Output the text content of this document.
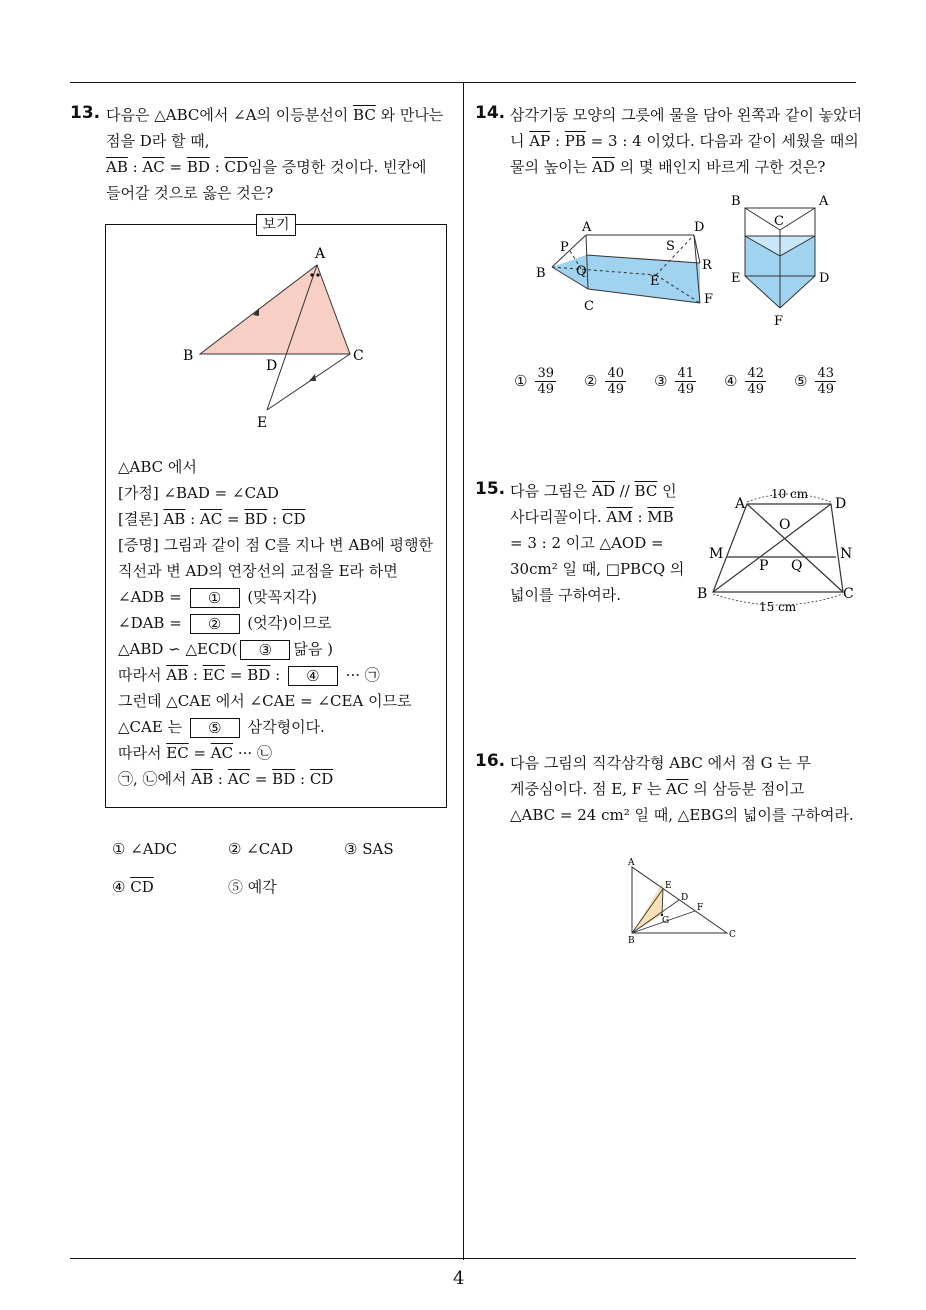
4
13. 다음은 △ABC에서 ∠A의 이등분선이 $\overline{BC}$ 와 만나는
점을 D라 할 때,
$\overline{AB}$ : $\overline{AC} = \overline{BD}$ : $\overline{CD}$임을 증명한 것이다. 빈칸에
들어갈 것으로 옳은 것은?
보기
A
B	C
D
E
△ABC 에서
[가정] ∠BAD = ∠CAD
[결론] $\overline{AB}$ : $\overline{AC} = \overline{BD}$ : $\overline{CD}$
[증명] 그림과 같이 점 C를 지나 변 AB에 평행한
직선과 변 AD의 연장선의 교점을 E라 하면
∠ADB = ① (맞꼭지각)
∠DAB = ② (엇각)이므로
△ABD ∽ △ECD( ③ 닮음 )
따라서 $\overline{AB}$ : $\overline{EC} = \overline{BD}$ : ④ ··· ㉠
그런데 △CAE 에서 ∠CAE = ∠CEA 이므로
△CAE 는 ⑤ 삼각형이다.
따라서 $\overline{EC} = \overline{AC}$ ··· ㉡
㉠, ㉡에서 $\overline{AB}$ : $\overline{AC} = \overline{BD}$ : $\overline{CD}$
① ∠ADC	② ∠CAD	③ SAS
④ $\overline{CD}$	⑤ 예각
14. 삼각기둥 모양의 그릇에 물을 담아 왼쪽과 같이 놓았더
니 $\overline{AP}$ : $\overline{PB} = 3$ : 4 이었다. 다음과 같이 세웠을 때의
물의 높이는 $\overline{AD}$ 의 몇 배인지 바르게 구한 것은?
A	D
P	S
B Q
E
R
C	F
B	A
C
E	D
F
① $\frac{39}{49}$ ② $\frac{40}{49}$ ③ $\frac{41}{49}$ ④ $\frac{42}{49}$ ⑤ $\frac{43}{49}$
15. 다음 그림은 $\overline{AD} // \overline{BC}$ 인
사다리꼴이다. $\overline{AM}$ : $\overline{MB}$
= 3 : 2 이고 △AOD =
30cm² 일 때, □PBCQ 의
넓이를 구하여라.
10 cm
15 cm
A	D
O
M	N
P Q
B	C
16. 다음 그림의 직각삼각형 ABC 에서 점 G 는 무
게중심이다. 점 E, F 는 $\overline{AC}$ 의 삼등분 점이고
△ABC = 24 cm² 일 때, △EBG의 넓이를 구하여라.
A
E
D
F
G
B
C
